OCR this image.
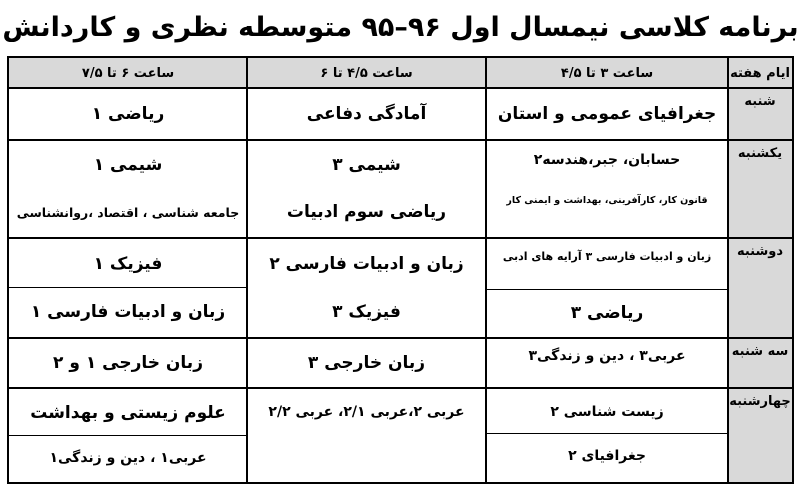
برنامه کلاسی نیمسال اول ۹۶–۹۵ متوسطه نظری و کاردانش
ایام هفته
ساعت ۳ تا ۴/۵
ساعت ۴/۵ تا ۶
ساعت ۶ تا ۷/۵
شنبه
یکشنبه
دوشنبه
سه شنبه
چهارشنبه
جغرافیای عمومی و استان
آمادگی دفاعی
ریاضی ۱
حسابان، جبر،هندسه۲
قانون کار، کارآفرینی، بهداشت و ایمنی کار
شیمی ۳
ریاضی سوم ادبیات
شیمی ۱
جامعه شناسی ، اقتصاد ،روانشناسی
زبان و ادبیات فارسی ۳ آرایه های ادبی
ریاضی ۳
زبان و ادبیات فارسی ۲
فیزیک ۳
فیزیک ۱
زبان و ادبیات فارسی ۱
عربی۳ ، دین و زندگی۳
زبان خارجی ۳
زبان خارجی ۱ و ۲
زیست شناسی ۲
جغرافیای ۲
عربی ۲،عربی ۲/۱، عربی ۲/۲
علوم زیستی و بهداشت
عربی۱ ، دین و زندگی۱
